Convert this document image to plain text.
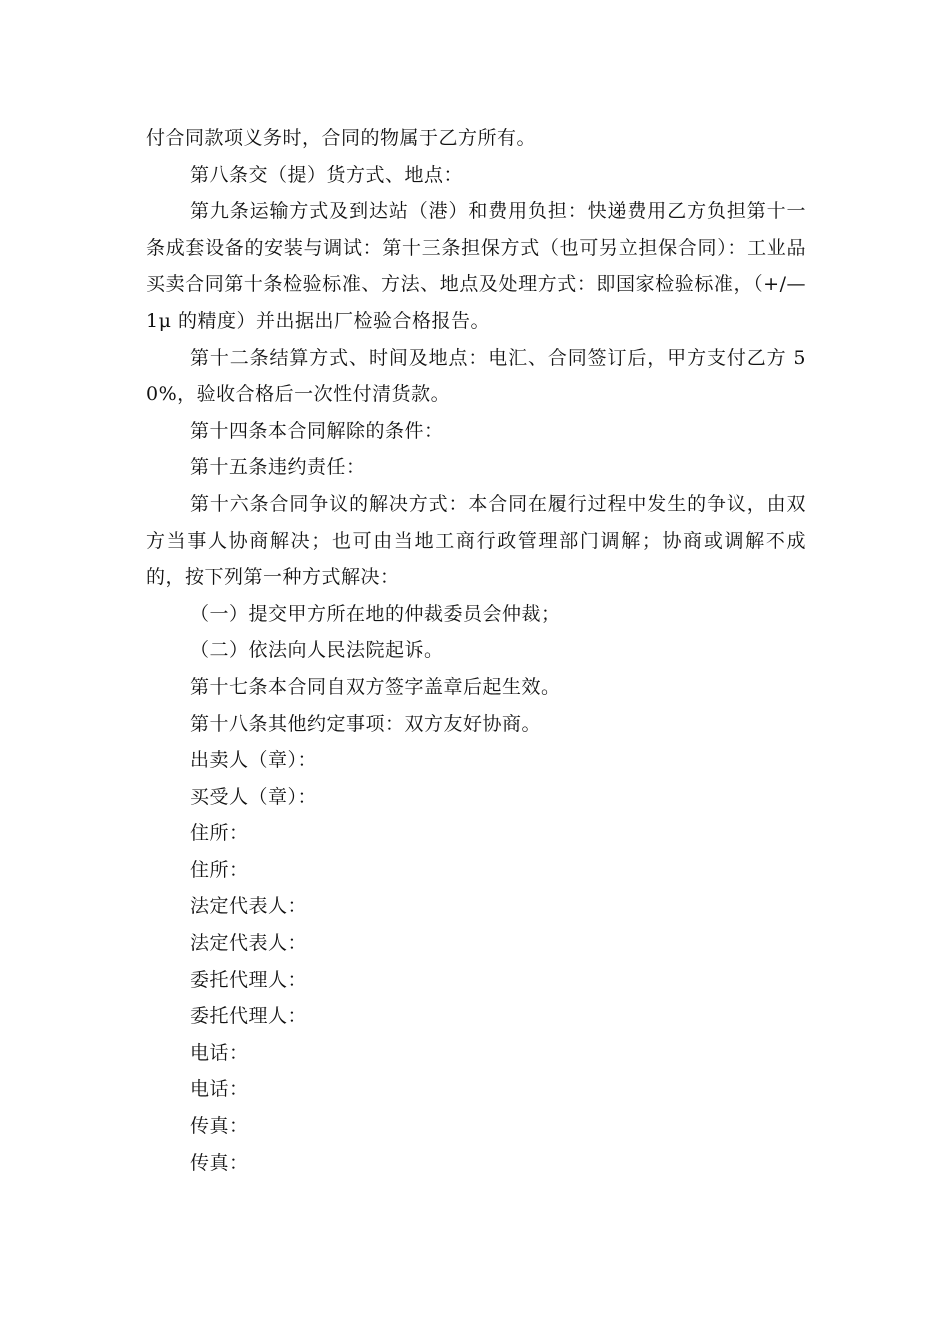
付合同款项义务时，合同的物属于乙方所有。

第八条交（提）货方式、地点：

第九条运输方式及到达站（港）和费用负担：快递费用乙方负担第十一条成套设备的安装与调试：第十三条担保方式（也可另立担保合同）：工业品买卖合同第十条检验标准、方法、地点及处理方式：即国家检验标准，（+/—1μ 的精度）并出据出厂检验合格报告。

第十二条结算方式、时间及地点：电汇、合同签订后，甲方支付乙方 50%，验收合格后一次性付清货款。

第十四条本合同解除的条件：

第十五条违约责任：

第十六条合同争议的解决方式：本合同在履行过程中发生的争议，由双方当事人协商解决；也可由当地工商行政管理部门调解；协商或调解不成的，按下列第一种方式解决：

（一）提交甲方所在地的仲裁委员会仲裁；

（二）依法向人民法院起诉。

第十七条本合同自双方签字盖章后起生效。

第十八条其他约定事项：双方友好协商。

出卖人（章）：

买受人（章）：

住所：

住所：

法定代表人：

法定代表人：

委托代理人：

委托代理人：

电话：

电话：

传真：

传真：
